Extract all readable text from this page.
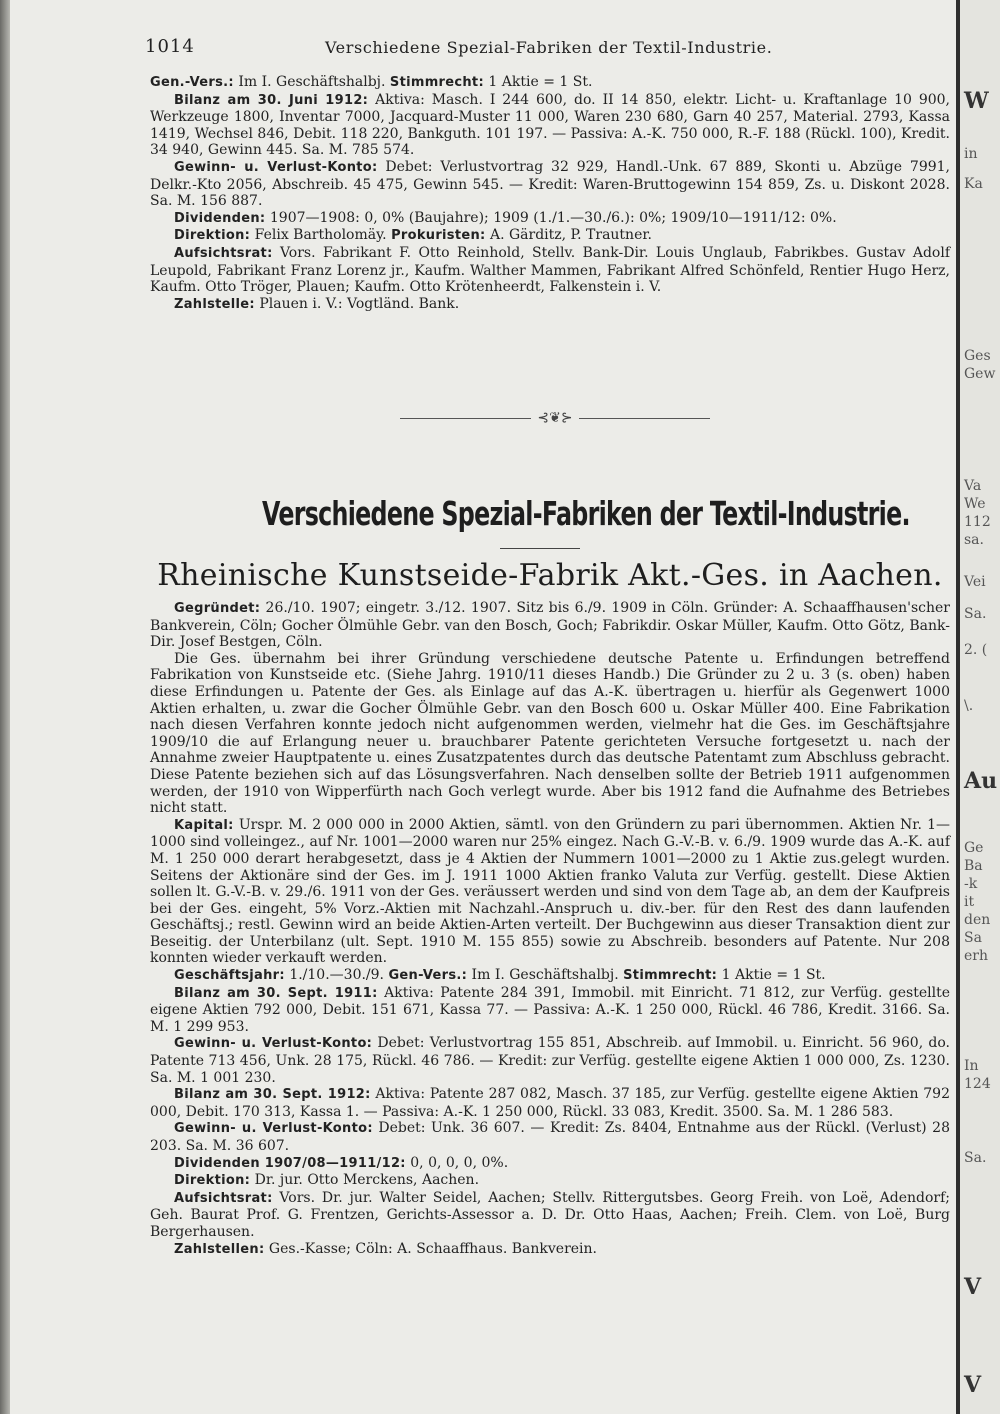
1014	Verschiedene Spezial-Fabriken der Textil-Industrie.

Gen.-Vers.: Im I. Geschäftshalbj. Stimmrecht: 1 Aktie = 1 St.

Bilanz am 30. Juni 1912: Aktiva: Masch. I 244 600, do. II 14 850, elektr. Licht- u. Kraftanlage 10 900, Werkzeuge 1800, Inventar 7000, Jacquard-Muster 11 000, Waren 230 680, Garn 40 257, Material. 2793, Kassa 1419, Wechsel 846, Debit. 118 220, Bankguth. 101 197. — Passiva: A.-K. 750 000, R.-F. 188 (Rückl. 100), Kredit. 34 940, Gewinn 445. Sa. M. 785 574.

Gewinn- u. Verlust-Konto: Debet: Verlustvortrag 32 929, Handl.-Unk. 67 889, Skonti u. Abzüge 7991, Delkr.-Kto 2056, Abschreib. 45 475, Gewinn 545. — Kredit: Waren-Bruttogewinn 154 859, Zs. u. Diskont 2028. Sa. M. 156 887.

Dividenden: 1907—1908: 0, 0% (Baujahre); 1909 (1./1.—30./6.): 0%; 1909/10—1911/12: 0%.

Direktion: Felix Bartholomäy. Prokuristen: A. Gärditz, P. Trautner.

Aufsichtsrat: Vors. Fabrikant F. Otto Reinhold, Stellv. Bank-Dir. Louis Unglaub, Fabrikbes. Gustav Adolf Leupold, Fabrikant Franz Lorenz jr., Kaufm. Walther Mammen, Fabrikant Alfred Schönfeld, Rentier Hugo Herz, Kaufm. Otto Tröger, Plauen; Kaufm. Otto Krötenheerdt, Falkenstein i. V.

Zahlstelle: Plauen i. V.: Vogtländ. Bank.

⊰❦⊱
Verschiedene Spezial-Fabriken der Textil-Industrie.
Rheinische Kunstseide-Fabrik Akt.-Ges. in Aachen.

Gegründet: 26./10. 1907; eingetr. 3./12. 1907. Sitz bis 6./9. 1909 in Cöln. Gründer: A. Schaaffhausen'scher Bankverein, Cöln; Gocher Ölmühle Gebr. van den Bosch, Goch; Fabrikdir. Oskar Müller, Kaufm. Otto Götz, Bank-Dir. Josef Bestgen, Cöln.

Die Ges. übernahm bei ihrer Gründung verschiedene deutsche Patente u. Erfindungen betreffend Fabrikation von Kunstseide etc. (Siehe Jahrg. 1910/11 dieses Handb.) Die Gründer zu 2 u. 3 (s. oben) haben diese Erfindungen u. Patente der Ges. als Einlage auf das A.-K. übertragen u. hierfür als Gegenwert 1000 Aktien erhalten, u. zwar die Gocher Ölmühle Gebr. van den Bosch 600 u. Oskar Müller 400. Eine Fabrikation nach diesen Verfahren konnte jedoch nicht aufgenommen werden, vielmehr hat die Ges. im Geschäftsjahre 1909/10 die auf Erlangung neuer u. brauchbarer Patente gerichteten Versuche fortgesetzt u. nach der Annahme zweier Hauptpatente u. eines Zusatzpatentes durch das deutsche Patentamt zum Abschluss gebracht. Diese Patente beziehen sich auf das Lösungsverfahren. Nach denselben sollte der Betrieb 1911 aufgenommen werden, der 1910 von Wipperfürth nach Goch verlegt wurde. Aber bis 1912 fand die Aufnahme des Betriebes nicht statt.

Kapital: Urspr. M. 2 000 000 in 2000 Aktien, sämtl. von den Gründern zu pari übernommen. Aktien Nr. 1—1000 sind volleingez., auf Nr. 1001—2000 waren nur 25% eingez. Nach G.-V.-B. v. 6./9. 1909 wurde das A.-K. auf M. 1 250 000 derart herabgesetzt, dass je 4 Aktien der Nummern 1001—2000 zu 1 Aktie zus.gelegt wurden. Seitens der Aktionäre sind der Ges. im J. 1911 1000 Aktien franko Valuta zur Verfüg. gestellt. Diese Aktien sollen lt. G.-V.-B. v. 29./6. 1911 von der Ges. veräussert werden und sind von dem Tage ab, an dem der Kaufpreis bei der Ges. eingeht, 5% Vorz.-Aktien mit Nachzahl.-Anspruch u. div.-ber. für den Rest des dann laufenden Geschäftsj.; restl. Gewinn wird an beide Aktien-Arten verteilt. Der Buchgewinn aus dieser Transaktion dient zur Beseitig. der Unterbilanz (ult. Sept. 1910 M. 155 855) sowie zu Abschreib. besonders auf Patente. Nur 208 konnten wieder verkauft werden.

Geschäftsjahr: 1./10.—30./9. Gen-Vers.: Im I. Geschäftshalbj. Stimmrecht: 1 Aktie = 1 St.

Bilanz am 30. Sept. 1911: Aktiva: Patente 284 391, Immobil. mit Einricht. 71 812, zur Verfüg. gestellte eigene Aktien 792 000, Debit. 151 671, Kassa 77. — Passiva: A.-K. 1 250 000, Rückl. 46 786, Kredit. 3166. Sa. M. 1 299 953.

Gewinn- u. Verlust-Konto: Debet: Verlustvortrag 155 851, Abschreib. auf Immobil. u. Einricht. 56 960, do. Patente 713 456, Unk. 28 175, Rückl. 46 786. — Kredit: zur Verfüg. gestellte eigene Aktien 1 000 000, Zs. 1230. Sa. M. 1 001 230.

Bilanz am 30. Sept. 1912: Aktiva: Patente 287 082, Masch. 37 185, zur Verfüg. gestellte eigene Aktien 792 000, Debit. 170 313, Kassa 1. — Passiva: A.-K. 1 250 000, Rückl. 33 083, Kredit. 3500. Sa. M. 1 286 583.

Gewinn- u. Verlust-Konto: Debet: Unk. 36 607. — Kredit: Zs. 8404, Entnahme aus der Rückl. (Verlust) 28 203. Sa. M. 36 607.

Dividenden 1907/08—1911/12: 0, 0, 0, 0, 0%.

Direktion: Dr. jur. Otto Merckens, Aachen.

Aufsichtsrat: Vors. Dr. jur. Walter Seidel, Aachen; Stellv. Rittergutsbes. Georg Freih. von Loë, Adendorf; Geh. Baurat Prof. G. Frentzen, Gerichts-Assessor a. D. Dr. Otto Haas, Aachen; Freih. Clem. von Loë, Burg Bergerhausen.

Zahlstellen: Ges.-Kasse; Cöln: A. Schaaffhaus. Bankverein.

W
in
Ka
Ges
Gew
Va
We
112
sa.
Vei
Sa.
2. (
\.
Au
Ge
Ba
-k
it
den
Sa
erh
In
124
Sa.
V
V
